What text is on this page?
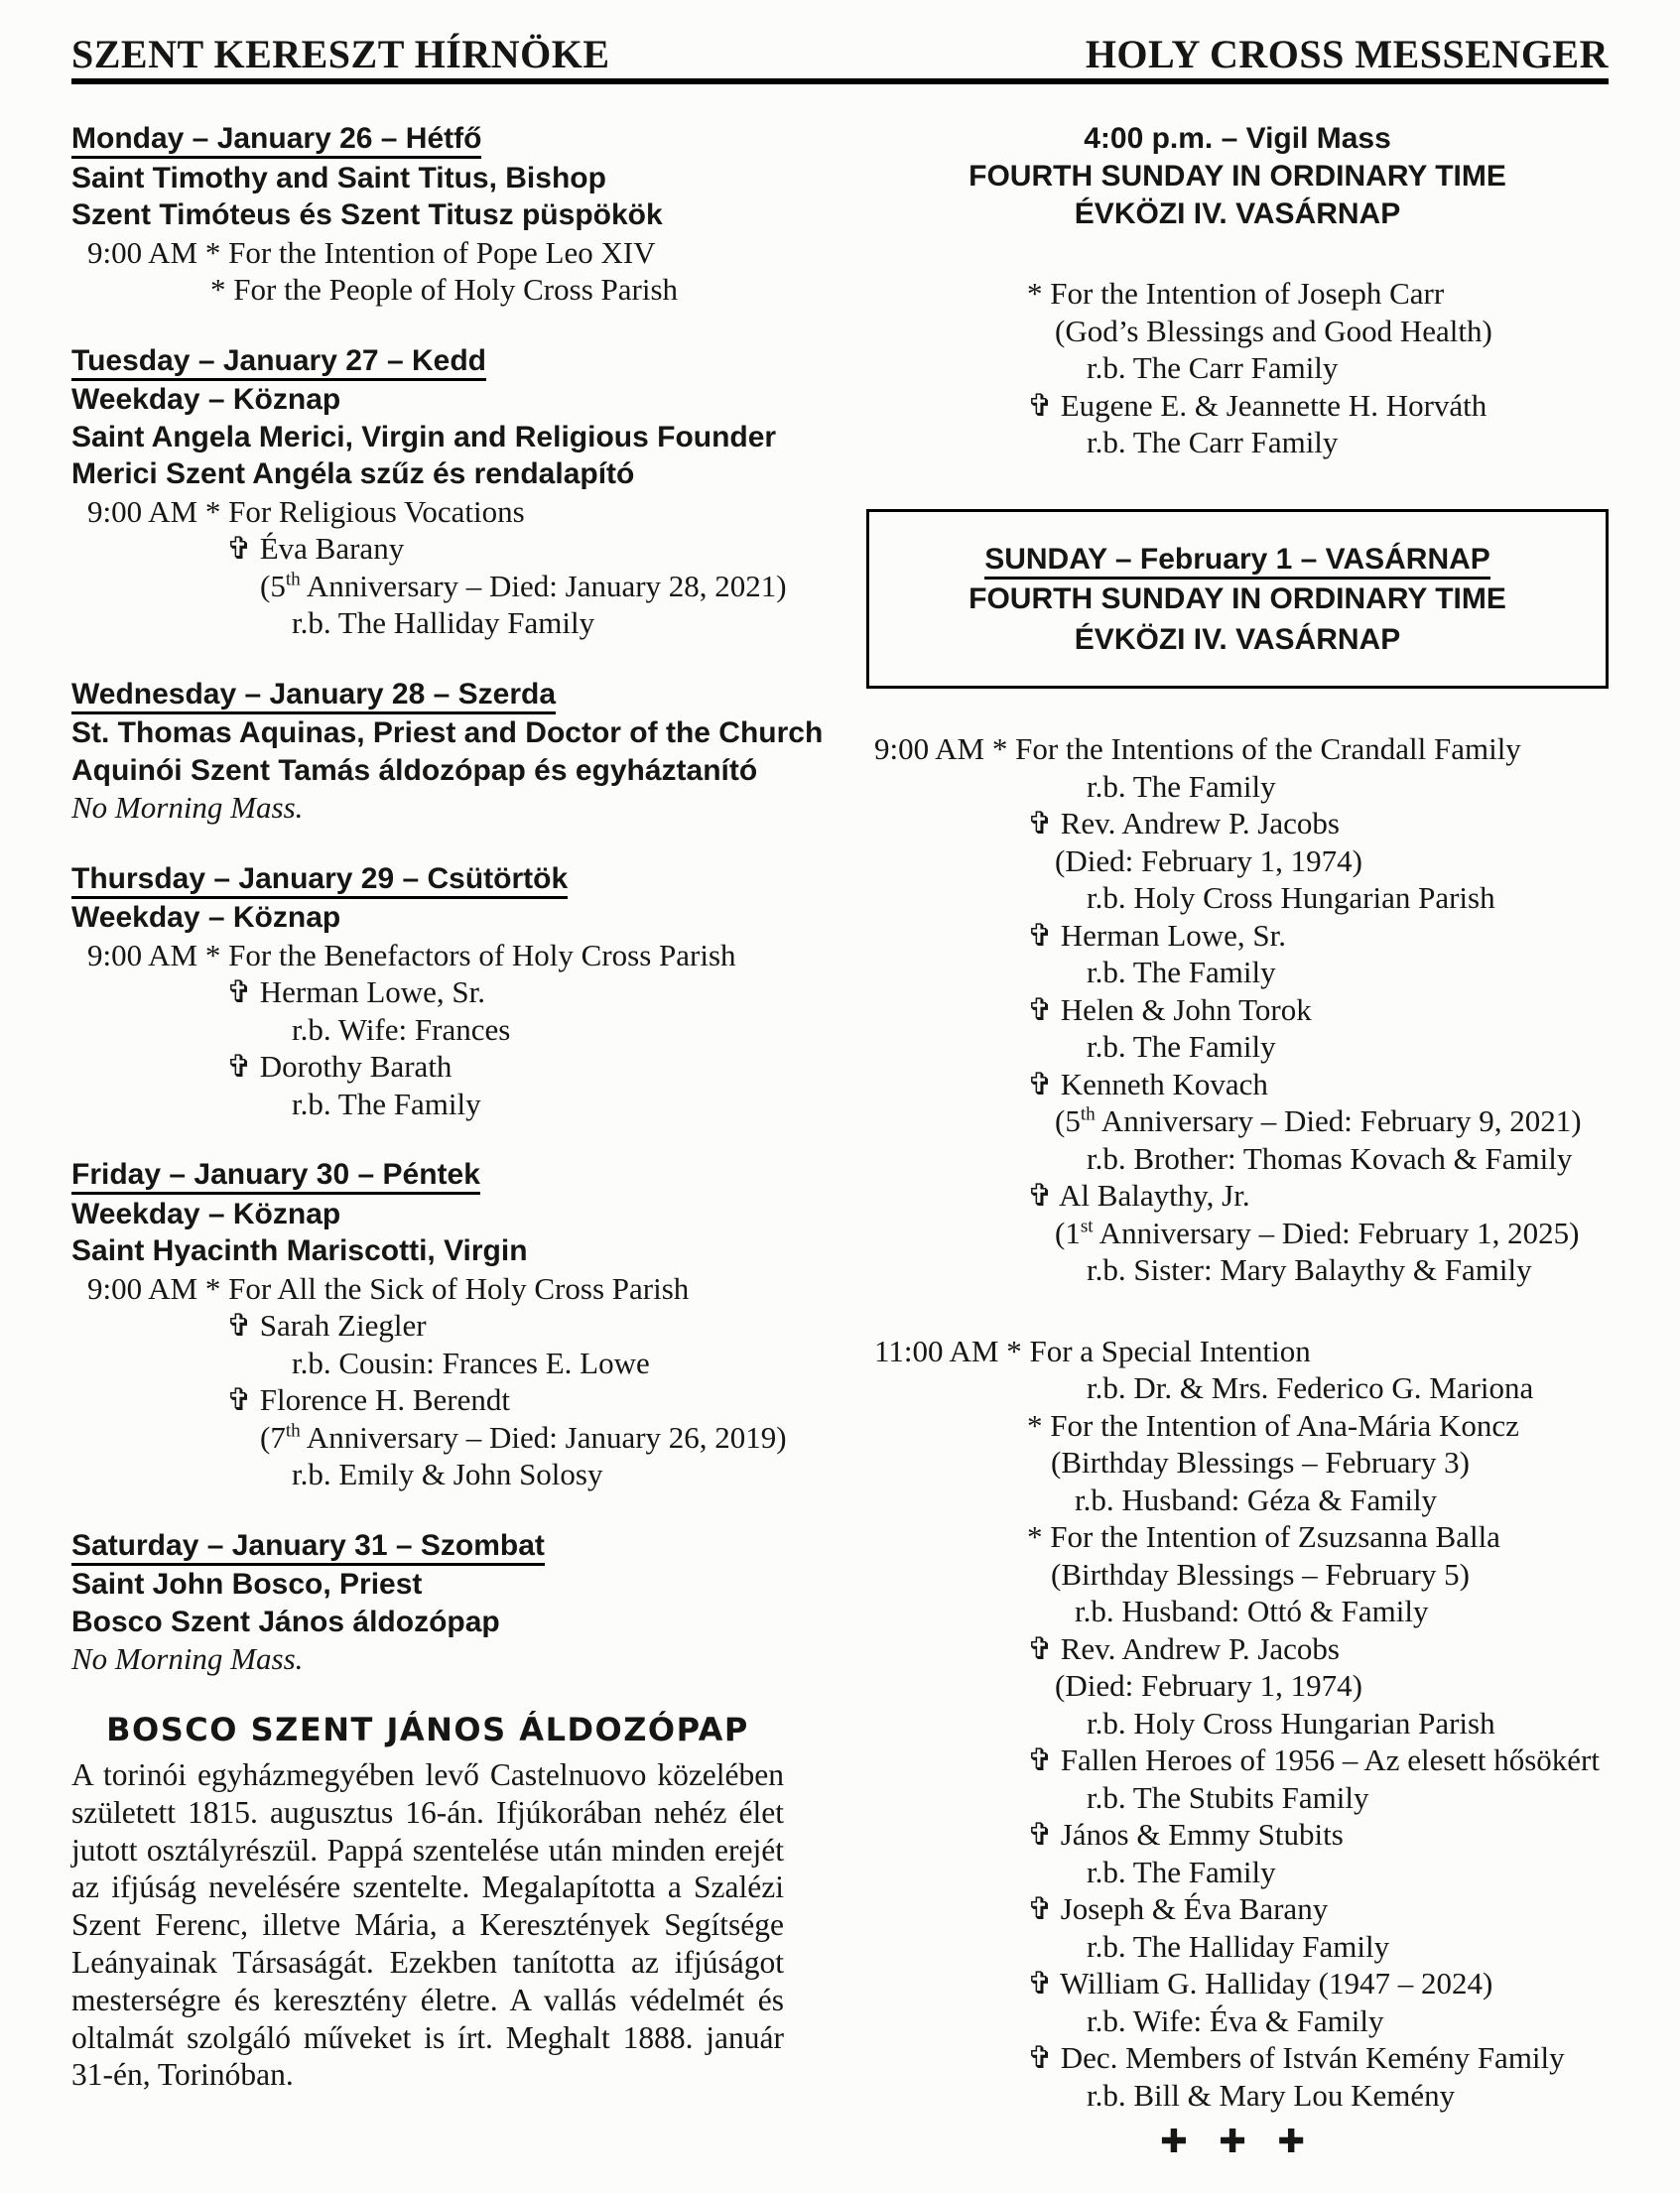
SZENT KERESZT HÍRNÖKE	HOLY CROSS MESSENGER
Monday – January 26 – Hétfő

Saint Timothy and Saint Titus, Bishop

Szent Timóteus és Szent Titusz püspökök

9:00 AM * For the Intention of Pope Leo XIV

* For the People of Holy Cross Parish

Tuesday – January 27 – Kedd

Weekday – Köznap

Saint Angela Merici, Virgin and Religious Founder

Merici Szent Angéla szűz és rendalapító

9:00 AM * For Religious Vocations

✞ Éva Barany

(5th Anniversary – Died: January 28, 2021)

r.b. The Halliday Family

Wednesday – January 28 – Szerda

St. Thomas Aquinas, Priest and Doctor of the Church

Aquinói Szent Tamás áldozópap és egyháztanító

No Morning Mass.

Thursday – January 29 – Csütörtök

Weekday – Köznap

9:00 AM * For the Benefactors of Holy Cross Parish

✞ Herman Lowe, Sr.

r.b. Wife: Frances

✞ Dorothy Barath

r.b. The Family

Friday – January 30 – Péntek

Weekday – Köznap

Saint Hyacinth Mariscotti, Virgin

9:00 AM * For All the Sick of Holy Cross Parish

✞ Sarah Ziegler

r.b. Cousin: Frances E. Lowe

✞ Florence H. Berendt

(7th Anniversary – Died: January 26, 2019)

r.b. Emily & John Solosy

Saturday – January 31 – Szombat

Saint John Bosco, Priest

Bosco Szent János áldozópap

No Morning Mass.

BOSCO SZENT JÁNOS ÁLDOZÓPAP

A torinói egyházmegyében levő Castelnuovo közelében született 1815. augusztus 16-án. Ifjúkorában nehéz élet jutott osztályrészül. Pappá szentelése után minden erejét az ifjúság nevelésére szentelte. Megalapította a Szalézi Szent Ferenc, illetve Mária, a Keresztények Segítsége Leányainak Társaságát. Ezekben tanította az ifjúságot mesterségre és keresztény életre. A vallás védelmét és oltalmát szolgáló műveket is írt. Meghalt 1888. január 31-én, Torinóban.

4:00 p.m. – Vigil Mass

FOURTH SUNDAY IN ORDINARY TIME

ÉVKÖZI IV. VASÁRNAP

* For the Intention of Joseph Carr

(God’s Blessings and Good Health)

r.b. The Carr Family

✞ Eugene E. & Jeannette H. Horváth

r.b. The Carr Family

SUNDAY – February 1 – VASÁRNAP

FOURTH SUNDAY IN ORDINARY TIME

ÉVKÖZI IV. VASÁRNAP

9:00 AM * For the Intentions of the Crandall Family

r.b. The Family

✞ Rev. Andrew P. Jacobs

(Died: February 1, 1974)

r.b. Holy Cross Hungarian Parish

✞ Herman Lowe, Sr.

r.b. The Family

✞ Helen & John Torok

r.b. The Family

✞ Kenneth Kovach

(5th Anniversary – Died: February 9, 2021)

r.b. Brother: Thomas Kovach & Family

✞ Al Balaythy, Jr.

(1st Anniversary – Died: February 1, 2025)

r.b. Sister: Mary Balaythy & Family

11:00 AM * For a Special Intention

r.b. Dr. & Mrs. Federico G. Mariona

* For the Intention of Ana-Mária Koncz

(Birthday Blessings – February 3)

r.b. Husband: Géza & Family

* For the Intention of Zsuzsanna Balla

(Birthday Blessings – February 5)

r.b. Husband: Ottó & Family

✞ Rev. Andrew P. Jacobs

(Died: February 1, 1974)

r.b. Holy Cross Hungarian Parish

✞ Fallen Heroes of 1956 – Az elesett hősökért

r.b. The Stubits Family

✞ János & Emmy Stubits

r.b. The Family

✞ Joseph & Éva Barany

r.b. The Halliday Family

✞ William G. Halliday (1947 – 2024)

r.b. Wife: Éva & Family

✞ Dec. Members of István Kemény Family

r.b. Bill & Mary Lou Kemény

✚ ✚ ✚
